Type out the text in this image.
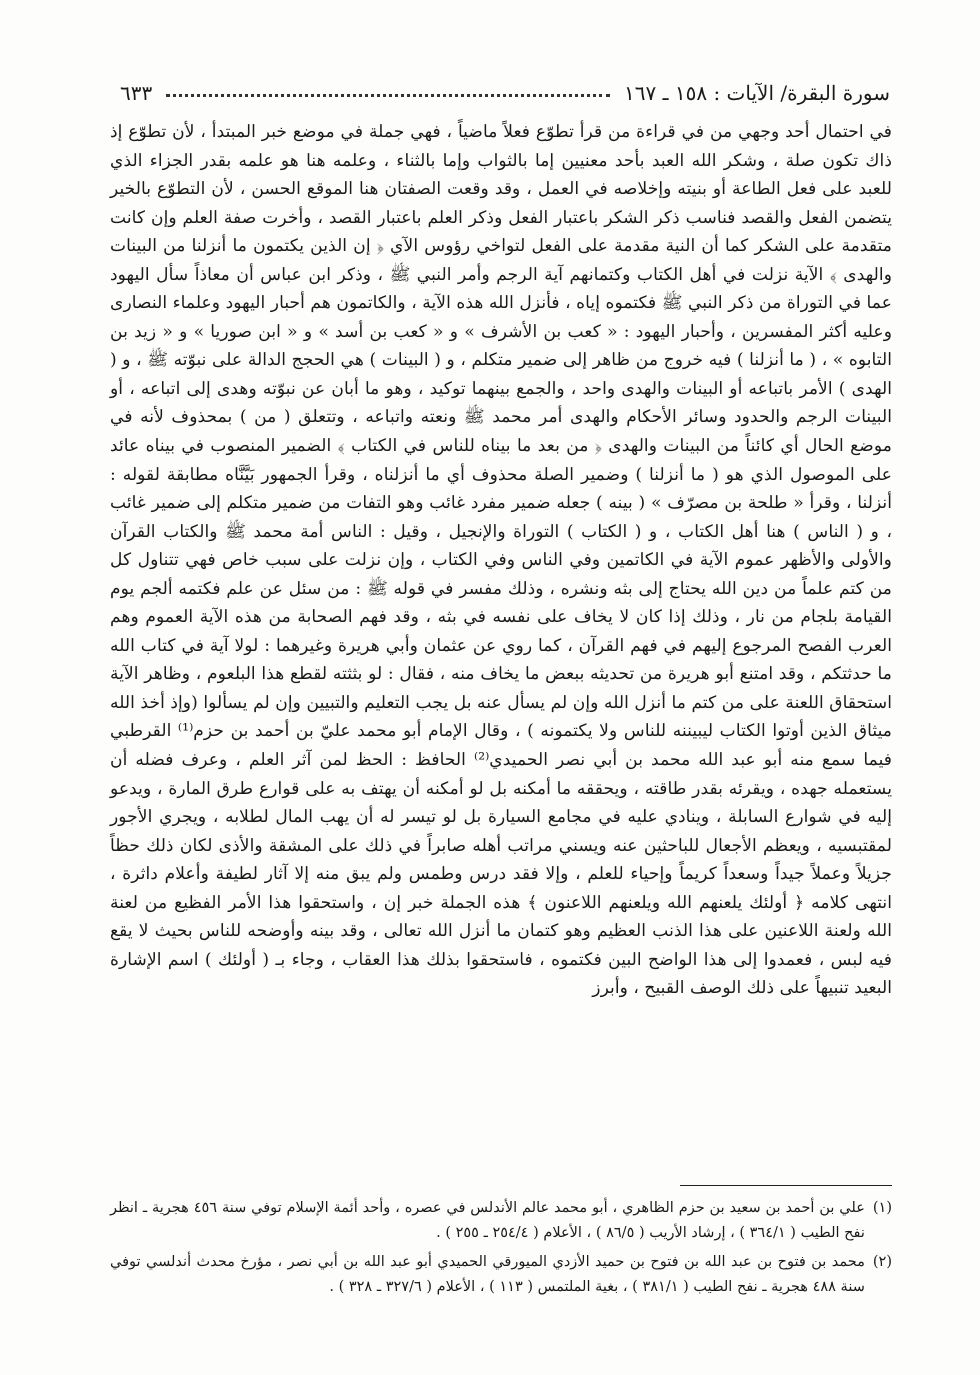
سورة البقرة/ الآيات : ١٥٨ ـ ١٦٧
٦٣٣

في احتمال أحد وجهي من في قراءة من قرأ تطوّع فعلاً ماضياً ، فهي جملة في موضع خبر المبتدأ ، لأن تطوّع إذ ذاك تكون صلة ، وشكر الله العبد بأحد معنيين إما بالثواب وإما بالثناء ، وعلمه هنا هو علمه بقدر الجزاء الذي للعبد على فعل الطاعة أو بنيته وإخلاصه في العمل ، وقد وقعت الصفتان هنا الموقع الحسن ، لأن التطوّع بالخير يتضمن الفعل والقصد فناسب ذكر الشكر باعتبار الفعل وذكر العلم باعتبار القصد ، وأخرت صفة العلم وإن كانت متقدمة على الشكر كما أن النية مقدمة على الفعل لتواخي رؤوس الآي ﴿ إن الذين يكتمون ما أنزلنا من البينات والهدى ﴾ الآية نزلت في أهل الكتاب وكتمانهم آية الرجم وأمر النبي ﷺ ، وذكر ابن عباس أن معاذاً سأل اليهود عما في التوراة من ذكر النبي ﷺ فكتموه إياه ، فأنزل الله هذه الآية ، والكاتمون هم أحبار اليهود وعلماء النصارى وعليه أكثر المفسرين ، وأحبار اليهود : « كعب بن الأشرف » و « كعب بن أسد » و « ابن صوريا » و « زيد بن التابوه » ، ( ما أنزلنا ) فيه خروج من ظاهر إلى ضمير متكلم ، و ( البينات ) هي الحجج الدالة على نبوّته ﷺ ، و ( الهدى ) الأمر باتباعه أو البينات والهدى واحد ، والجمع بينهما توكيد ، وهو ما أبان عن نبوّته وهدى إلى اتباعه ، أو البينات الرجم والحدود وسائر الأحكام والهدى أمر محمد ﷺ ونعته واتباعه ، وتتعلق ( من ) بمحذوف لأنه في موضع الحال أي كائناً من البينات والهدى ﴿ من بعد ما بيناه للناس في الكتاب ﴾ الضمير المنصوب في بيناه عائد على الموصول الذي هو ( ما أنزلنا ) وضمير الصلة محذوف أي ما أنزلناه ، وقرأ الجمهور بَيَّنَّاه مطابقة لقوله : أنزلنا ، وقرأ « طلحة بن مصرّف » ( بينه ) جعله ضمير مفرد غائب وهو التفات من ضمير متكلم إلى ضمير غائب ، و ( الناس ) هنا أهل الكتاب ، و ( الكتاب ) التوراة والإنجيل ، وقيل : الناس أمة محمد ﷺ والكتاب القرآن والأولى والأظهر عموم الآية في الكاتمين وفي الناس وفي الكتاب ، وإن نزلت على سبب خاص فهي تتناول كل من كتم علماً من دين الله يحتاج إلى بثه ونشره ، وذلك مفسر في قوله ﷺ : من سئل عن علم فكتمه ألجم يوم القيامة بلجام من نار ، وذلك إذا كان لا يخاف على نفسه في بثه ، وقد فهم الصحابة من هذه الآية العموم وهم العرب الفصح المرجوع إليهم في فهم القرآن ، كما روي عن عثمان وأبي هريرة وغيرهما : لولا آية في كتاب الله ما حدثتكم ، وقد امتنع أبو هريرة من تحديثه ببعض ما يخاف منه ، فقال : لو بثثته لقطع هذا البلعوم ، وظاهر الآية استحقاق اللعنة على من كتم ما أنزل الله وإن لم يسأل عنه بل يجب التعليم والتبيين وإن لم يسألوا (وإذ أخذ الله ميثاق الذين أوتوا الكتاب ليبيننه للناس ولا يكتمونه ) ، وقال الإمام أبو محمد عليّ بن أحمد بن حزم⁽¹⁾ القرطبي فيما سمع منه أبو عبد الله محمد بن أبي نصر الحميدي⁽²⁾ الحافظ : الحظ لمن آثر العلم ، وعرف فضله أن يستعمله جهده ، ويقرئه بقدر طاقته ، ويحققه ما أمكنه بل لو أمكنه أن يهتف به على قوارع طرق المارة ، ويدعو إليه في شوارع السابلة ، وينادي عليه في مجامع السيارة بل لو تيسر له أن يهب المال لطلابه ، ويجري الأجور لمقتبسيه ، ويعظم الأجعال للباحثين عنه ويسني مراتب أهله صابراً في ذلك على المشقة والأذى لكان ذلك حظاً جزيلاً وعملاً جيداً وسعداً كريماً وإحياء للعلم ، وإلا فقد درس وطمس ولم يبق منه إلا آثار لطيفة وأعلام داثرة ، انتهى كلامه ﴿ أولئك يلعنهم الله ويلعنهم اللاعنون ﴾ هذه الجملة خبر إن ، واستحقوا هذا الأمر الفظيع من لعنة الله ولعنة اللاعنين على هذا الذنب العظيم وهو كتمان ما أنزل الله تعالى ، وقد بينه وأوضحه للناس بحيث لا يقع فيه لبس ، فعمدوا إلى هذا الواضح البين فكتموه ، فاستحقوا بذلك هذا العقاب ، وجاء بـ ( أولئك ) اسم الإشارة البعيد تنبيهاً على ذلك الوصف القبيح ، وأبرز

(١)
علي بن أحمد بن سعيد بن حزم الظاهري ، أبو محمد عالم الأندلس في عصره ، وأحد أئمة الإسلام توفي سنة ٤٥٦ هجرية ـ انظر نفح الطيب ( ٣٦٤/١ ) ، إرشاد الأريب ( ٨٦/٥ ) ، الأعلام ( ٢٥٤/٤ ـ ٢٥٥ ) .
(٢)
محمد بن فتوح بن عبد الله بن فتوح بن حميد الأزدي الميورقي الحميدي أبو عبد الله بن أبي نصر ، مؤرخ محدث أندلسي توفي سنة ٤٨٨ هجرية ـ نفح الطيب ( ٣٨١/١ ) ، بغية الملتمس ( ١١٣ ) ، الأعلام ( ٣٢٧/٦ ـ ٣٢٨ ) .
